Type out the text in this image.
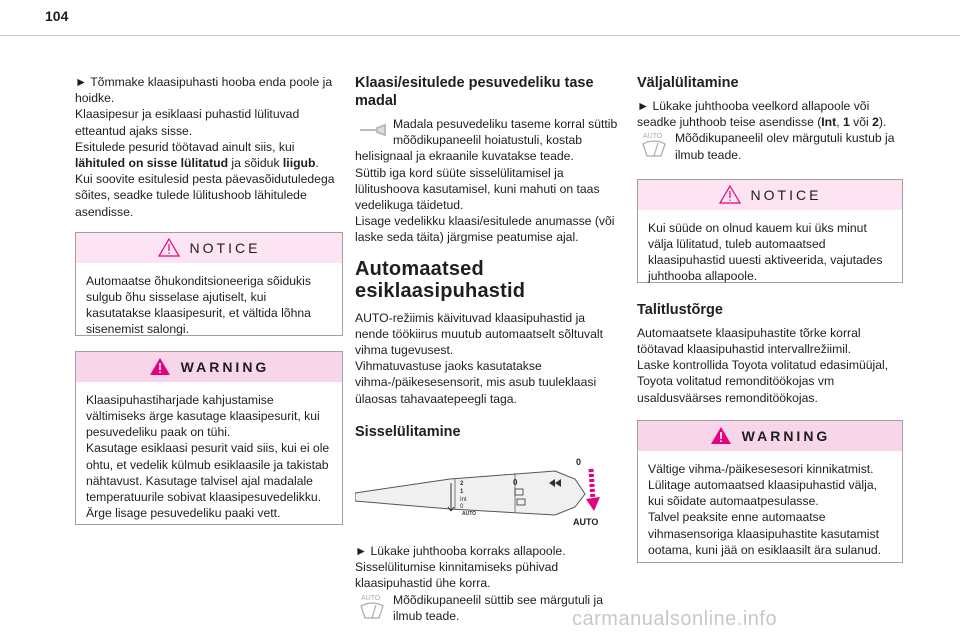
104

► Tõmmake klaasipuhasti hooba enda poole ja hoidke.

Klaasipesur ja esiklaasi puhastid lülituvad etteantud ajaks sisse.

Esitulede pesurid töötavad ainult siis, kui lähituled on sisse lülitatud ja sõiduk liigub.

Kui soovite esitulesid pesta päevasõidutuledega sõites, seadke tulede lülitushoob lähitulede asendisse.

NOTICE

Automaatse õhukonditsioneeriga sõidukis sulgub õhu sisselase ajutiselt, kui kasutatakse klaasipesurit, et vältida lõhna sisenemist salongi.

WARNING

Klaasipuhastiharjade kahjustamise vältimiseks ärge kasutage klaasipesurit, kui pesuvedeliku paak on tühi.

Kasutage esiklaasi pesurit vaid siis, kui ei ole ohtu, et vedelik külmub esiklaasile ja takistab nähtavust. Kasutage talvisel ajal madalale temperatuurile sobivat klaasipesuvedelikku.

Ärge lisage pesuvedeliku paaki vett.

Klaasi/esitulede pesuvedeliku tase madal

Madala pesuvedeliku taseme korral süttib mõõdikupaneelil hoiatustuli, kostab helisignaal ja ekraanile kuvatakse teade.

Süttib iga kord süüte sisselülitamisel ja lülitushoova kasutamisel, kuni mahuti on taas vedelikuga täidetud.

Lisage vedelikku klaasi/esitulede anumasse (või laske seda täita) järgmise peatumise ajal.

Automaatsed esiklaasipuhastid

AUTO-režiimis käivituvad klaasipuhastid ja nende töökiirus muutub automaatselt sõltuvalt vihma tugevusest.

Vihmatuvastuse jaoks kasutatakse vihma-/päikesesensorit, mis asub tuuleklaasi ülaosas tahavaatepeegli taga.

Sisselülitamine
2
1
Int
0
AUTO
0
0
AUTO

► Lükake juhthooba korraks allapoole.

Sisselülitumise kinnitamiseks pühivad klaasipuhastid ühe korra.

AUTO	Mõõdikupaneelil süttib see märgutuli ja ilmub teade.

Väljalülitamine

► Lükake juhthooba veelkord allapoole või seadke juhthoob teise asendisse (Int, 1 või 2).

AUTO	Mõõdikupaneelil olev märgutuli kustub ja ilmub teade.

NOTICE

Kui süüde on olnud kauem kui üks minut välja lülitatud, tuleb automaatsed klaasipuhastid uuesti aktiveerida, vajutades juhthooba allapoole.

Talitlustõrge

Automaatsete klaasipuhastite tõrke korral töötavad klaasipuhastid intervallrežiimil.

Laske kontrollida Toyota volitatud edasimüüjal, Toyota volitatud remonditöökojas vm usaldusväärses remonditöökojas.

WARNING

Vältige vihma-/päikesesesori kinnikatmist.

Lülitage automaatsed klaasipuhastid välja, kui sõidate automaatpesulasse.

Talvel peaksite enne automaatse vihmasensoriga klaasipuhastite kasutamist ootama, kuni jää on esiklaasilt ära sulanud.

carmanualsonline.info
